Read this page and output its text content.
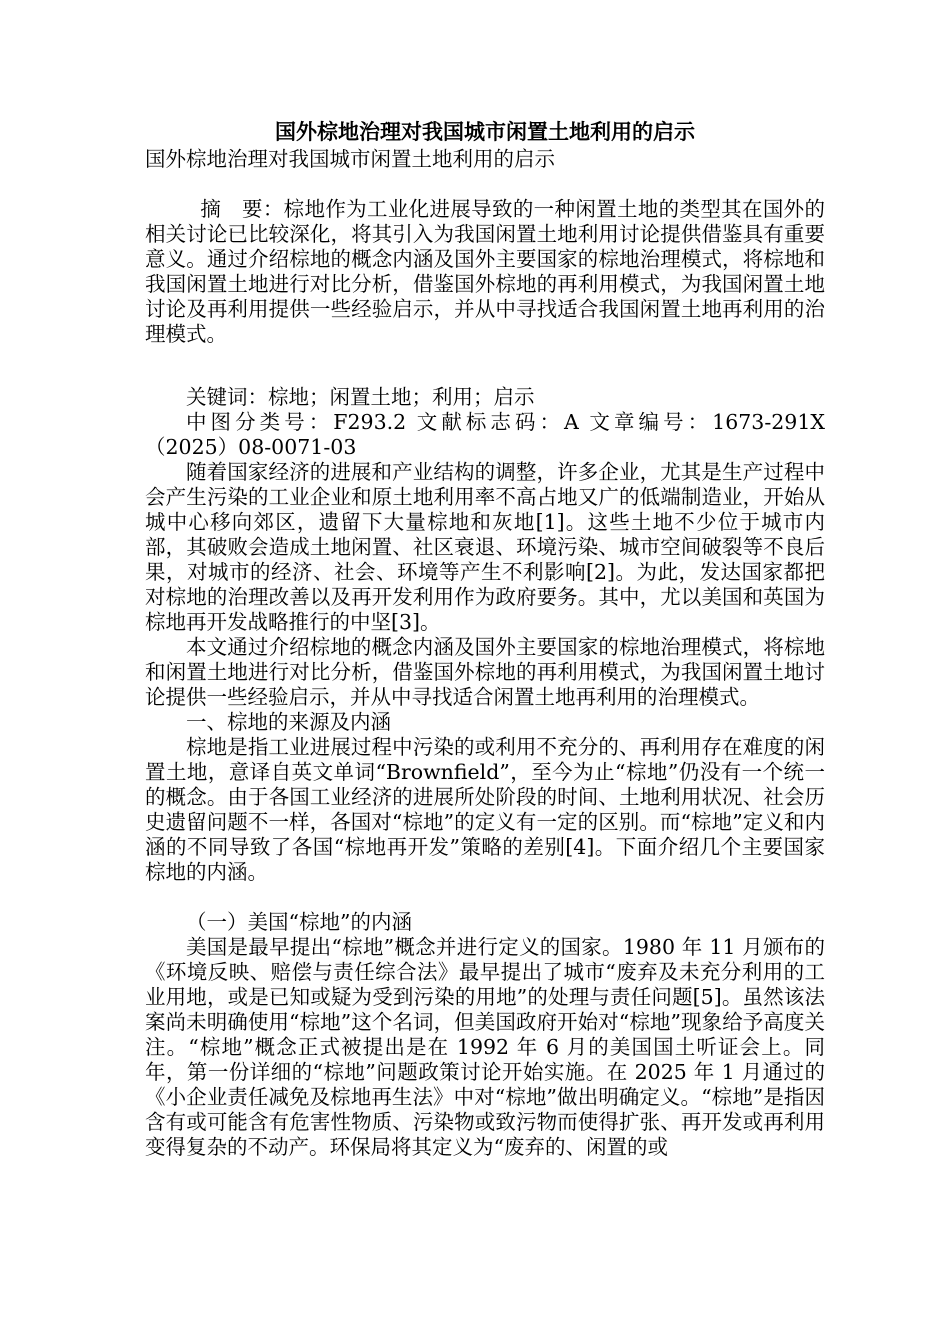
国外棕地治理对我国城市闲置土地利用的启示

国外棕地治理对我国城市闲置土地利用的启示

摘　要：棕地作为工业化进展导致的一种闲置土地的类型其在国外的相关讨论已比较深化，将其引入为我国闲置土地利用讨论提供借鉴具有重要意义。通过介绍棕地的概念内涵及国外主要国家的棕地治理模式，将棕地和我国闲置土地进行对比分析，借鉴国外棕地的再利用模式，为我国闲置土地讨论及再利用提供一些经验启示，并从中寻找适合我国闲置土地再利用的治理模式。

关键词：棕地；闲置土地；利用；启示

中图分类号：F293.2 文献标志码：A 文章编号：1673-291X（2025）08-0071-03

随着国家经济的进展和产业结构的调整，许多企业，尤其是生产过程中会产生污染的工业企业和原土地利用率不高占地又广的低端制造业，开始从城中心移向郊区，遗留下大量棕地和灰地[1]。这些土地不少位于城市内部，其破败会造成土地闲置、社区衰退、环境污染、城市空间破裂等不良后果，对城市的经济、社会、环境等产生不利影响[2]。为此，发达国家都把对棕地的治理改善以及再开发利用作为政府要务。其中，尤以美国和英国为棕地再开发战略推行的中坚[3]。

本文通过介绍棕地的概念内涵及国外主要国家的棕地治理模式，将棕地和闲置土地进行对比分析，借鉴国外棕地的再利用模式，为我国闲置土地讨论提供一些经验启示，并从中寻找适合闲置土地再利用的治理模式。

一、棕地的来源及内涵

棕地是指工业进展过程中污染的或利用不充分的、再利用存在难度的闲置土地，意译自英文单词“Brownfield”，至今为止“棕地”仍没有一个统一的概念。由于各国工业经济的进展所处阶段的时间、土地利用状况、社会历史遗留问题不一样，各国对“棕地”的定义有一定的区别。而“棕地”定义和内涵的不同导致了各国“棕地再开发”策略的差别[4]。下面介绍几个主要国家棕地的内涵。

（一）美国“棕地”的内涵

美国是最早提出“棕地”概念并进行定义的国家。1980 年 11 月颁布的《环境反映、赔偿与责任综合法》最早提出了城市“废弃及未充分利用的工业用地，或是已知或疑为受到污染的用地”的处理与责任问题[5]。虽然该法案尚未明确使用“棕地”这个名词，但美国政府开始对“棕地”现象给予高度关注。“棕地”概念正式被提出是在 1992 年 6 月的美国国土听证会上。同年，第一份详细的“棕地”问题政策讨论开始实施。在 2025 年 1 月通过的《小企业责任减免及棕地再生法》中对“棕地”做出明确定义。“棕地”是指因含有或可能含有危害性物质、污染物或致污物而使得扩张、再开发或再利用变得复杂的不动产。环保局将其定义为“废弃的、闲置的或
